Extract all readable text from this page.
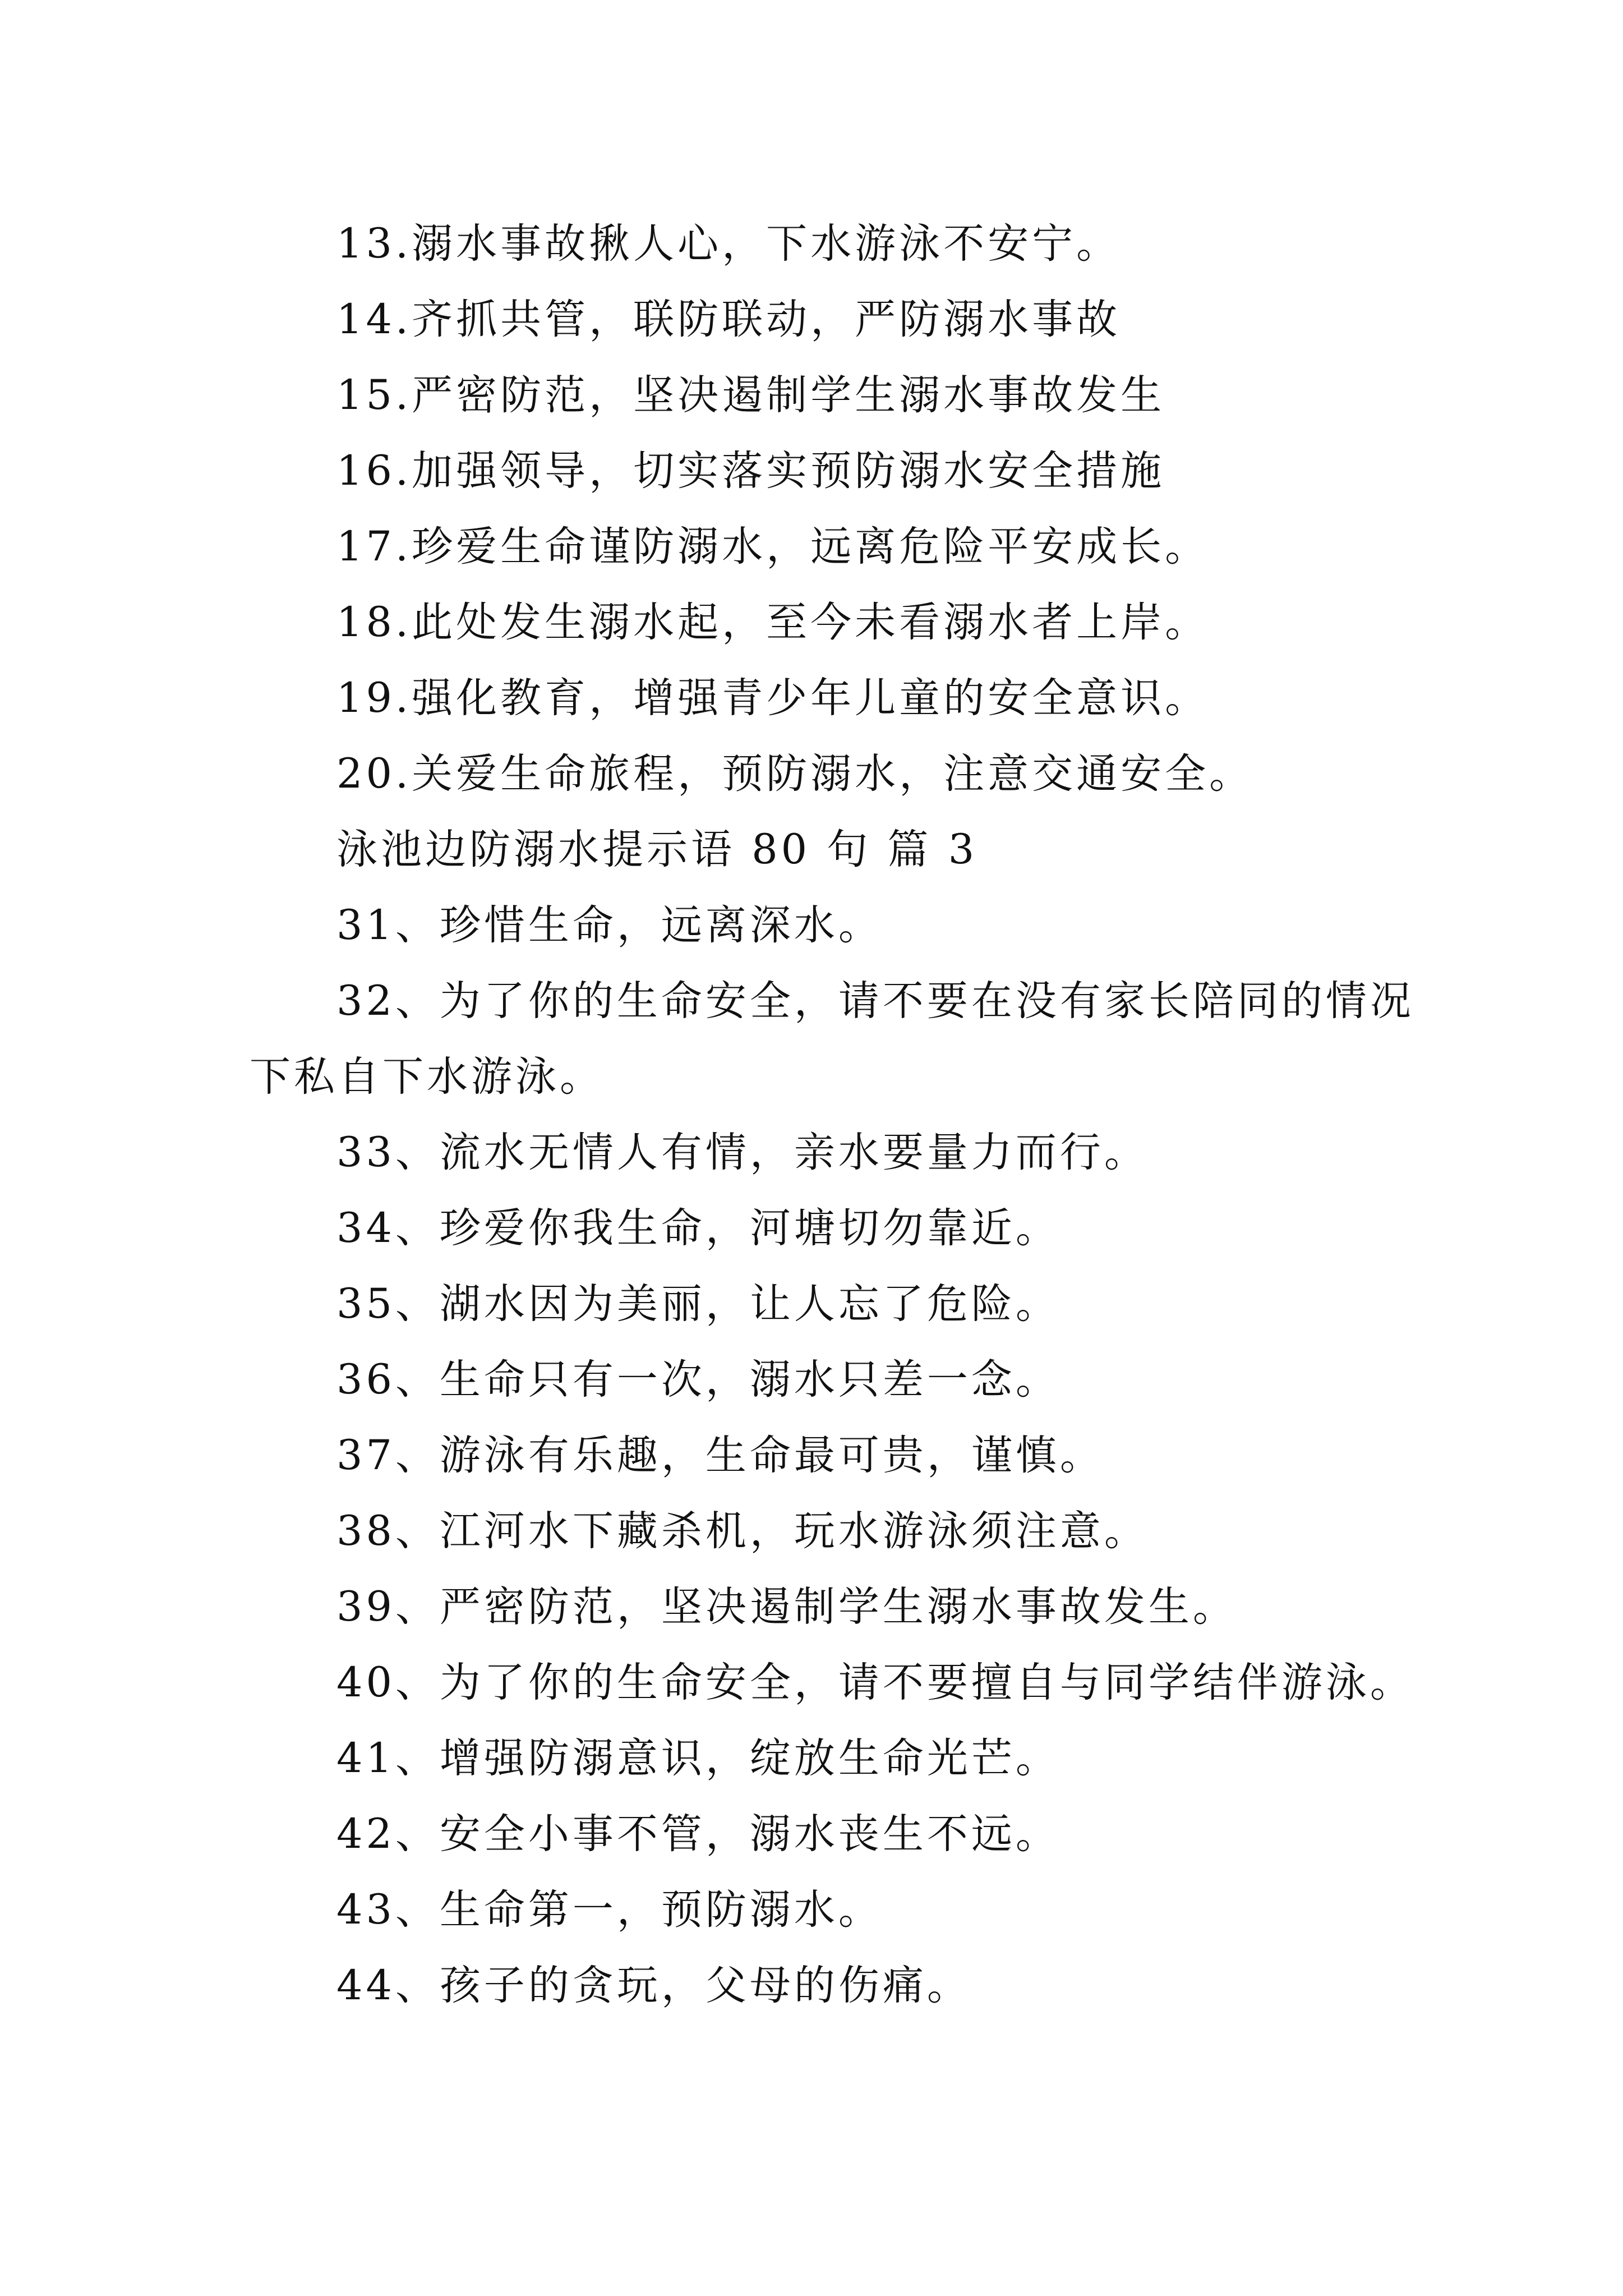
13.溺水事故揪人心，下水游泳不安宁。
14.齐抓共管，联防联动，严防溺水事故
15.严密防范，坚决遏制学生溺水事故发生
16.加强领导，切实落实预防溺水安全措施
17.珍爱生命谨防溺水，远离危险平安成长。
18.此处发生溺水起，至今未看溺水者上岸。
19.强化教育，增强青少年儿童的安全意识。
20.关爱生命旅程，预防溺水，注意交通安全。
泳池边防溺水提示语 80 句 篇 3
31、珍惜生命，远离深水。
32、为了你的生命安全，请不要在没有家长陪同的情况
下私自下水游泳。
33、流水无情人有情，亲水要量力而行。
34、珍爱你我生命，河塘切勿靠近。
35、湖水因为美丽，让人忘了危险。
36、生命只有一次，溺水只差一念。
37、游泳有乐趣，生命最可贵，谨慎。
38、江河水下藏杀机，玩水游泳须注意。
39、严密防范，坚决遏制学生溺水事故发生。
40、为了你的生命安全，请不要擅自与同学结伴游泳。
41、增强防溺意识，绽放生命光芒。
42、安全小事不管，溺水丧生不远。
43、生命第一，预防溺水。
44、孩子的贪玩，父母的伤痛。
